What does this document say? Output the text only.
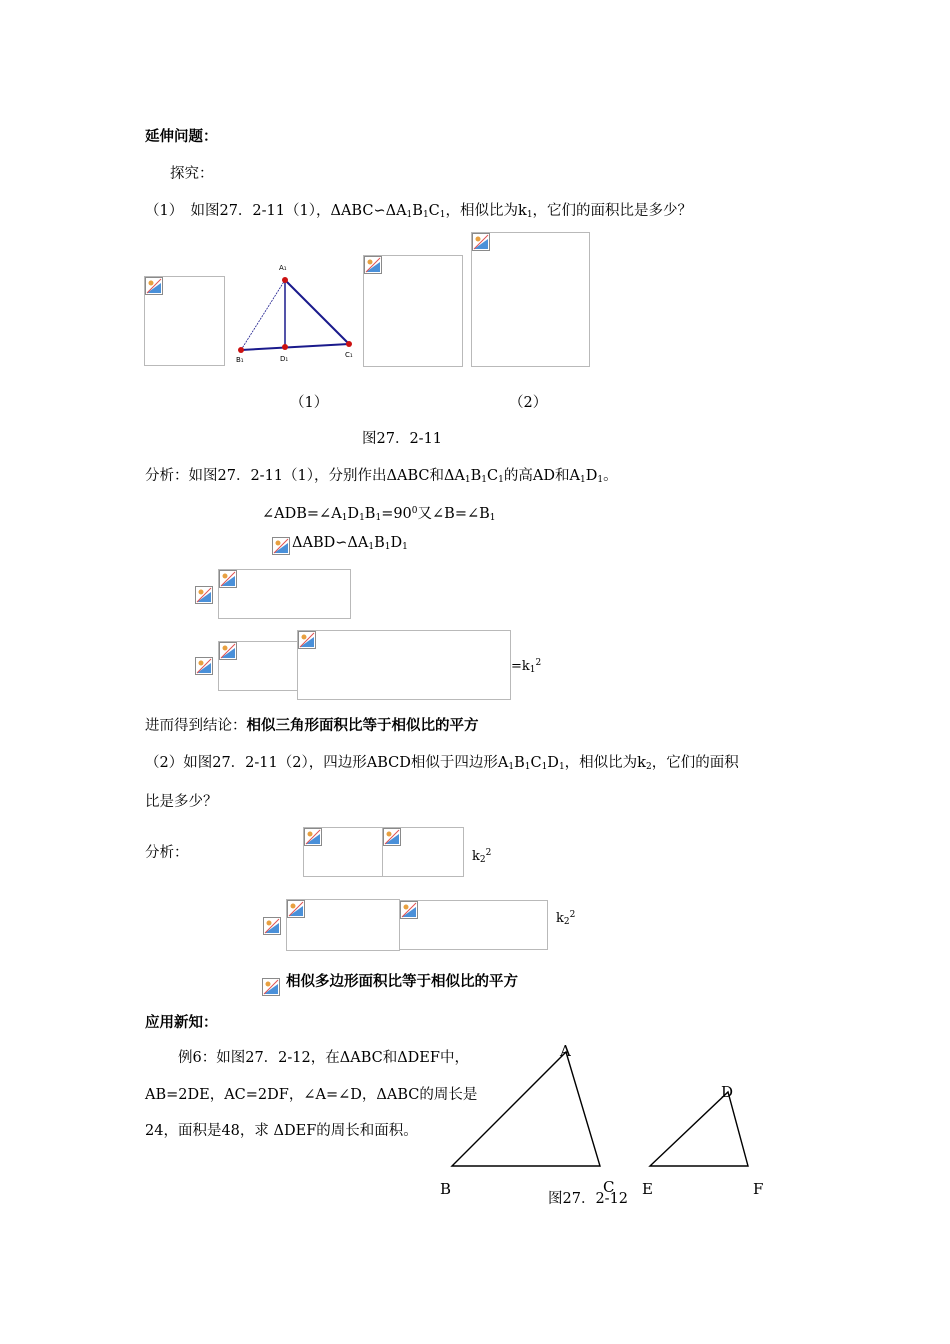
延伸问题：
探究：
（1）　如图27．2-11（1），$\Delta ABC∽\Delta A_1B_1C_1$，相似比为$k_1$，它们的面积比是多少？
A₁
B₁	D₁	C₁
（1）	（2）
图27．2-11
分析：如图27．2-11（1），分别作出ΔABC和$\Delta A_1B_1C_1$的高AD和$A_1D_1$。
$\angle ADB=\angle A_1D_1B_1=90^0$又$\angle B=\angle B_1$
$\Delta ABD∽\Delta A_1B_1D_1$
$=k_1^2$
进而得到结论：相似三角形面积比等于相似比的平方
（2）如图27．2-11（2），四边形ABCD相似于四边形$A_1B_1C_1D_1$，相似比为$k_2$，它们的面积
比是多少？
分析：	$k_2^2$
$k_2^2$
相似多边形面积比等于相似比的平方
应用新知：
例6：如图27．2-12，在ΔABC和ΔDEF中，
AB=2DE，AC=2DF，∠A=∠D，ΔABC的周长是
24，面积是48，求 ΔDEF的周长和面积。
A
B	C
D
E	F
图27．2-12
